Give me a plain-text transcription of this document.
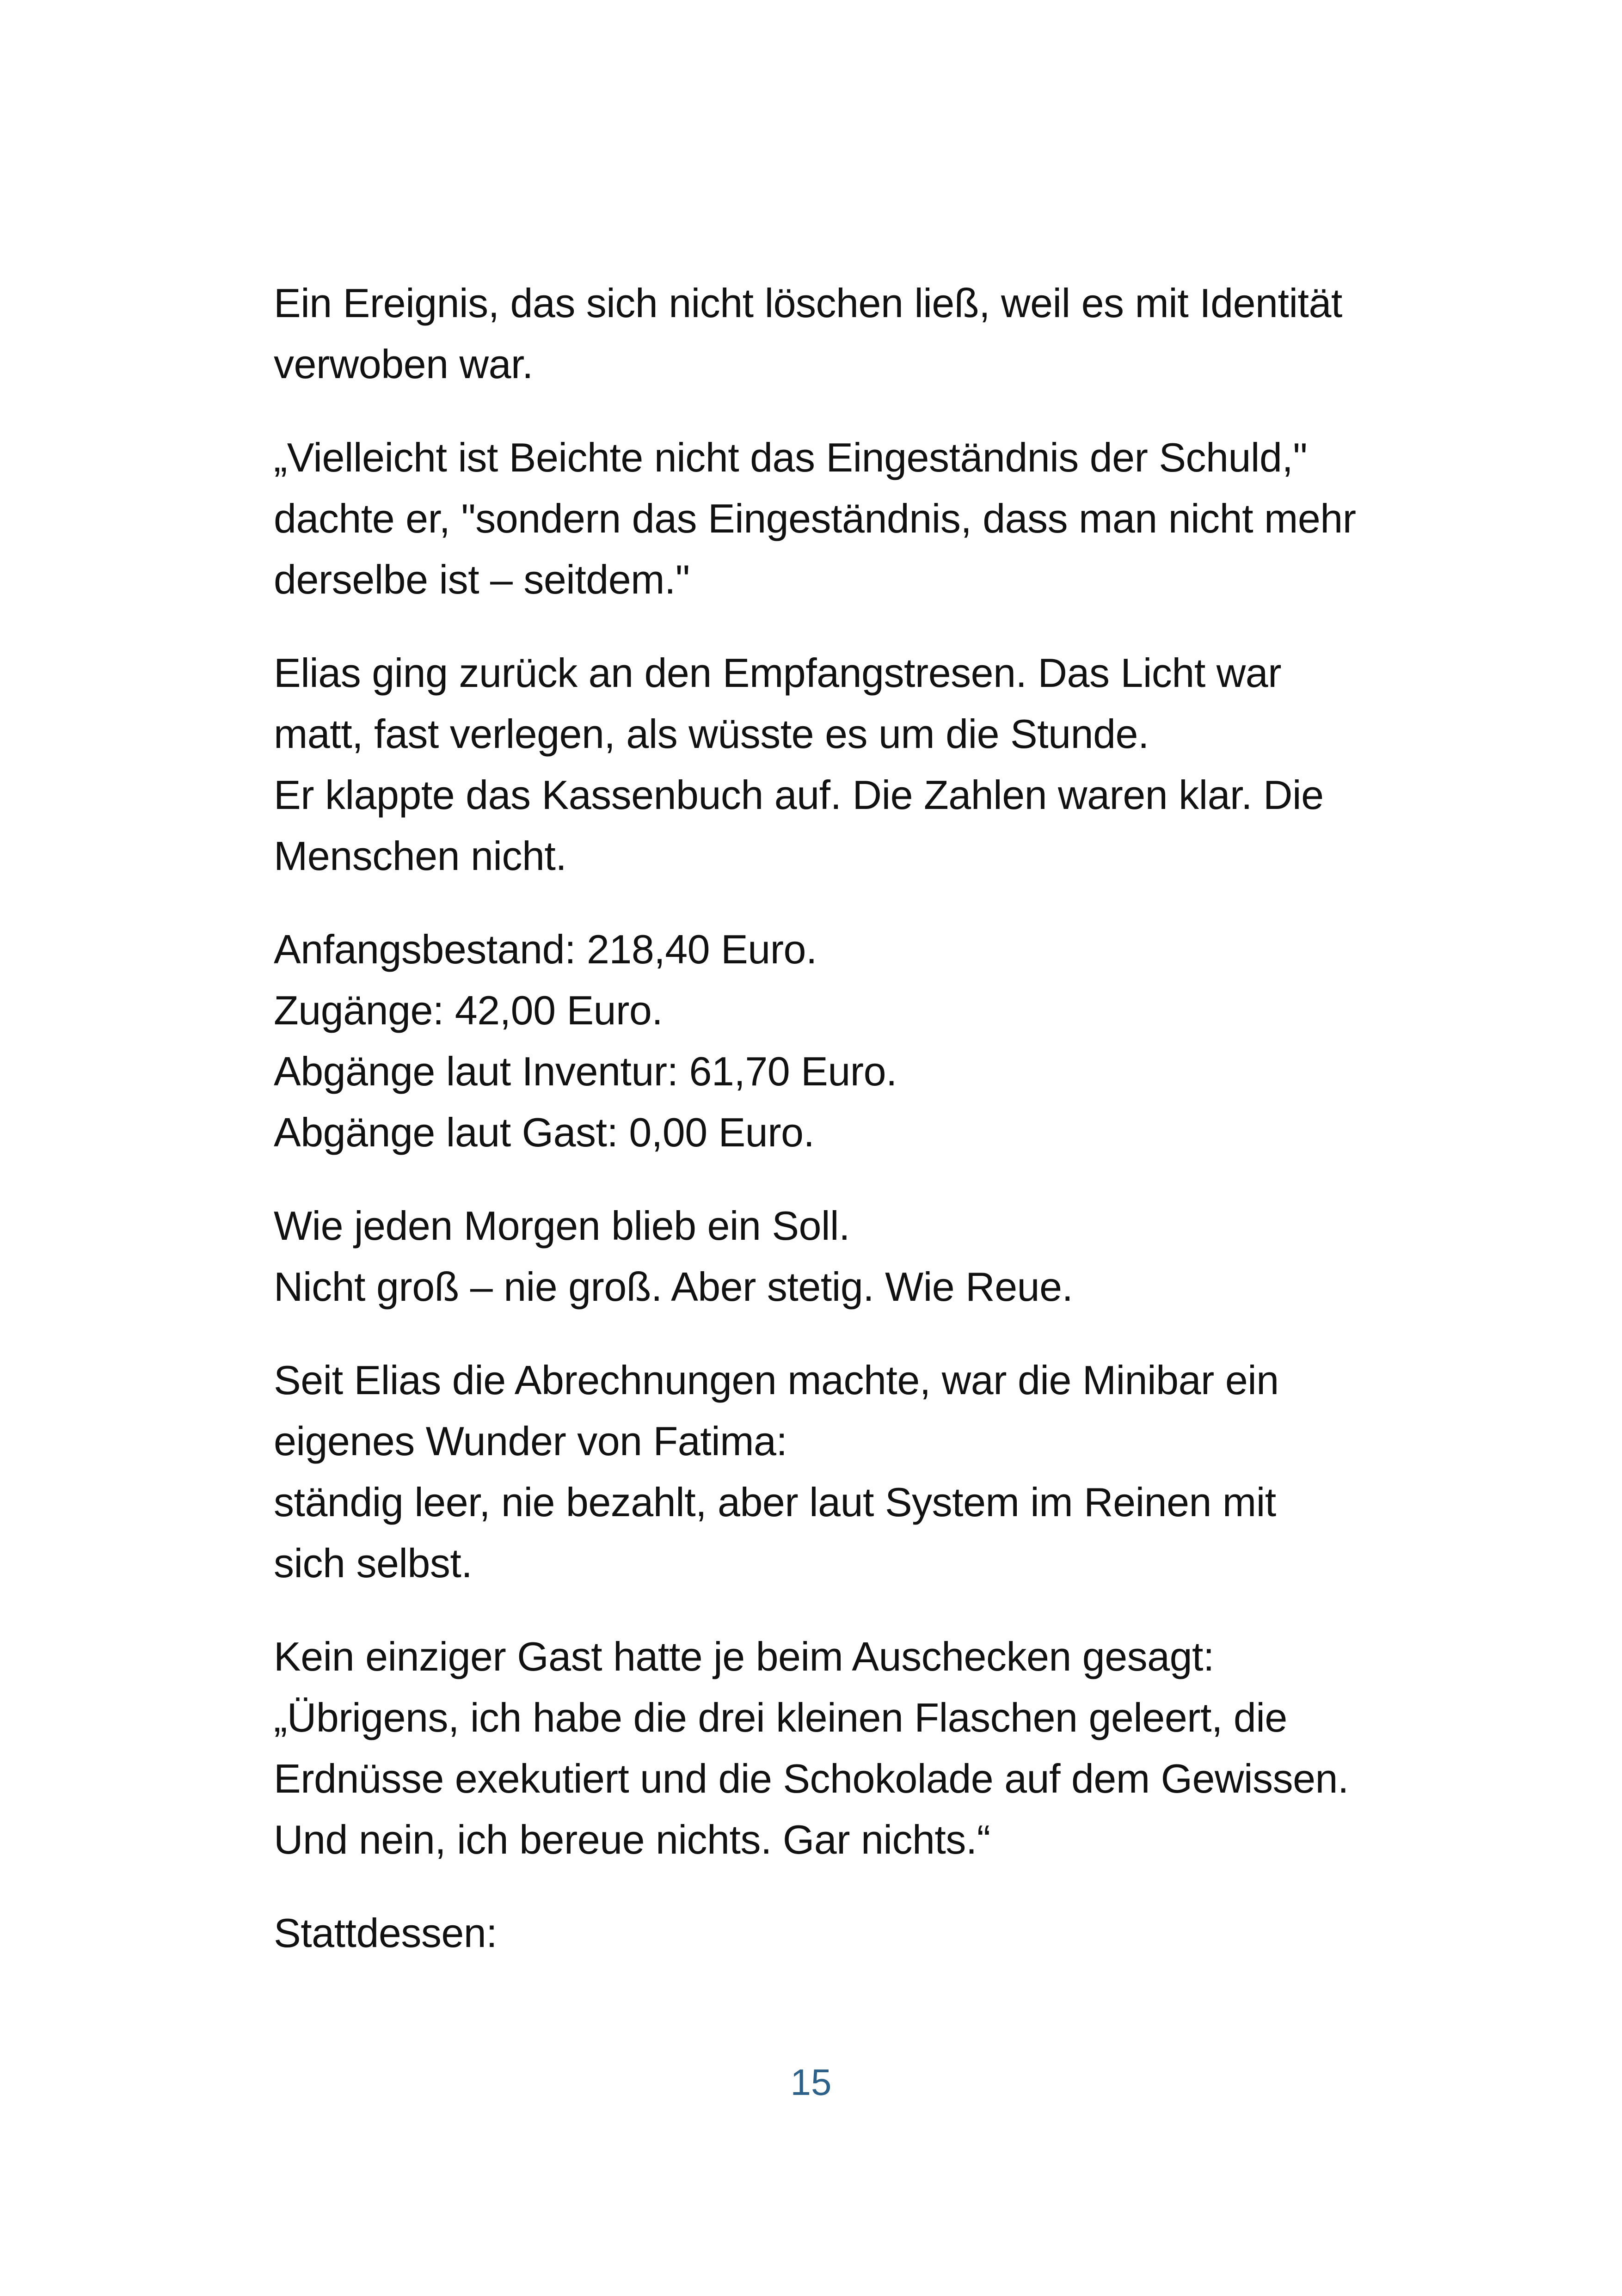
Ein Ereignis, das sich nicht löschen ließ, weil es mit Identität
verwoben war.
„Vielleicht ist Beichte nicht das Eingeständnis der Schuld,"
dachte er, "sondern das Eingeständnis, dass man nicht mehr
derselbe ist – seitdem."
Elias ging zurück an den Empfangstresen. Das Licht war
matt, fast verlegen, als wüsste es um die Stunde.
Er klappte das Kassenbuch auf. Die Zahlen waren klar. Die
Menschen nicht.
Anfangsbestand: 218,40 Euro.
Zugänge: 42,00 Euro.
Abgänge laut Inventur: 61,70 Euro.
Abgänge laut Gast: 0,00 Euro.
Wie jeden Morgen blieb ein Soll.
Nicht groß – nie groß. Aber stetig. Wie Reue.
Seit Elias die Abrechnungen machte, war die Minibar ein
eigenes Wunder von Fatima:
ständig leer, nie bezahlt, aber laut System im Reinen mit
sich selbst.
Kein einziger Gast hatte je beim Auschecken gesagt:
„Übrigens, ich habe die drei kleinen Flaschen geleert, die
Erdnüsse exekutiert und die Schokolade auf dem Gewissen.
Und nein, ich bereue nichts. Gar nichts.“
Stattdessen:
15
